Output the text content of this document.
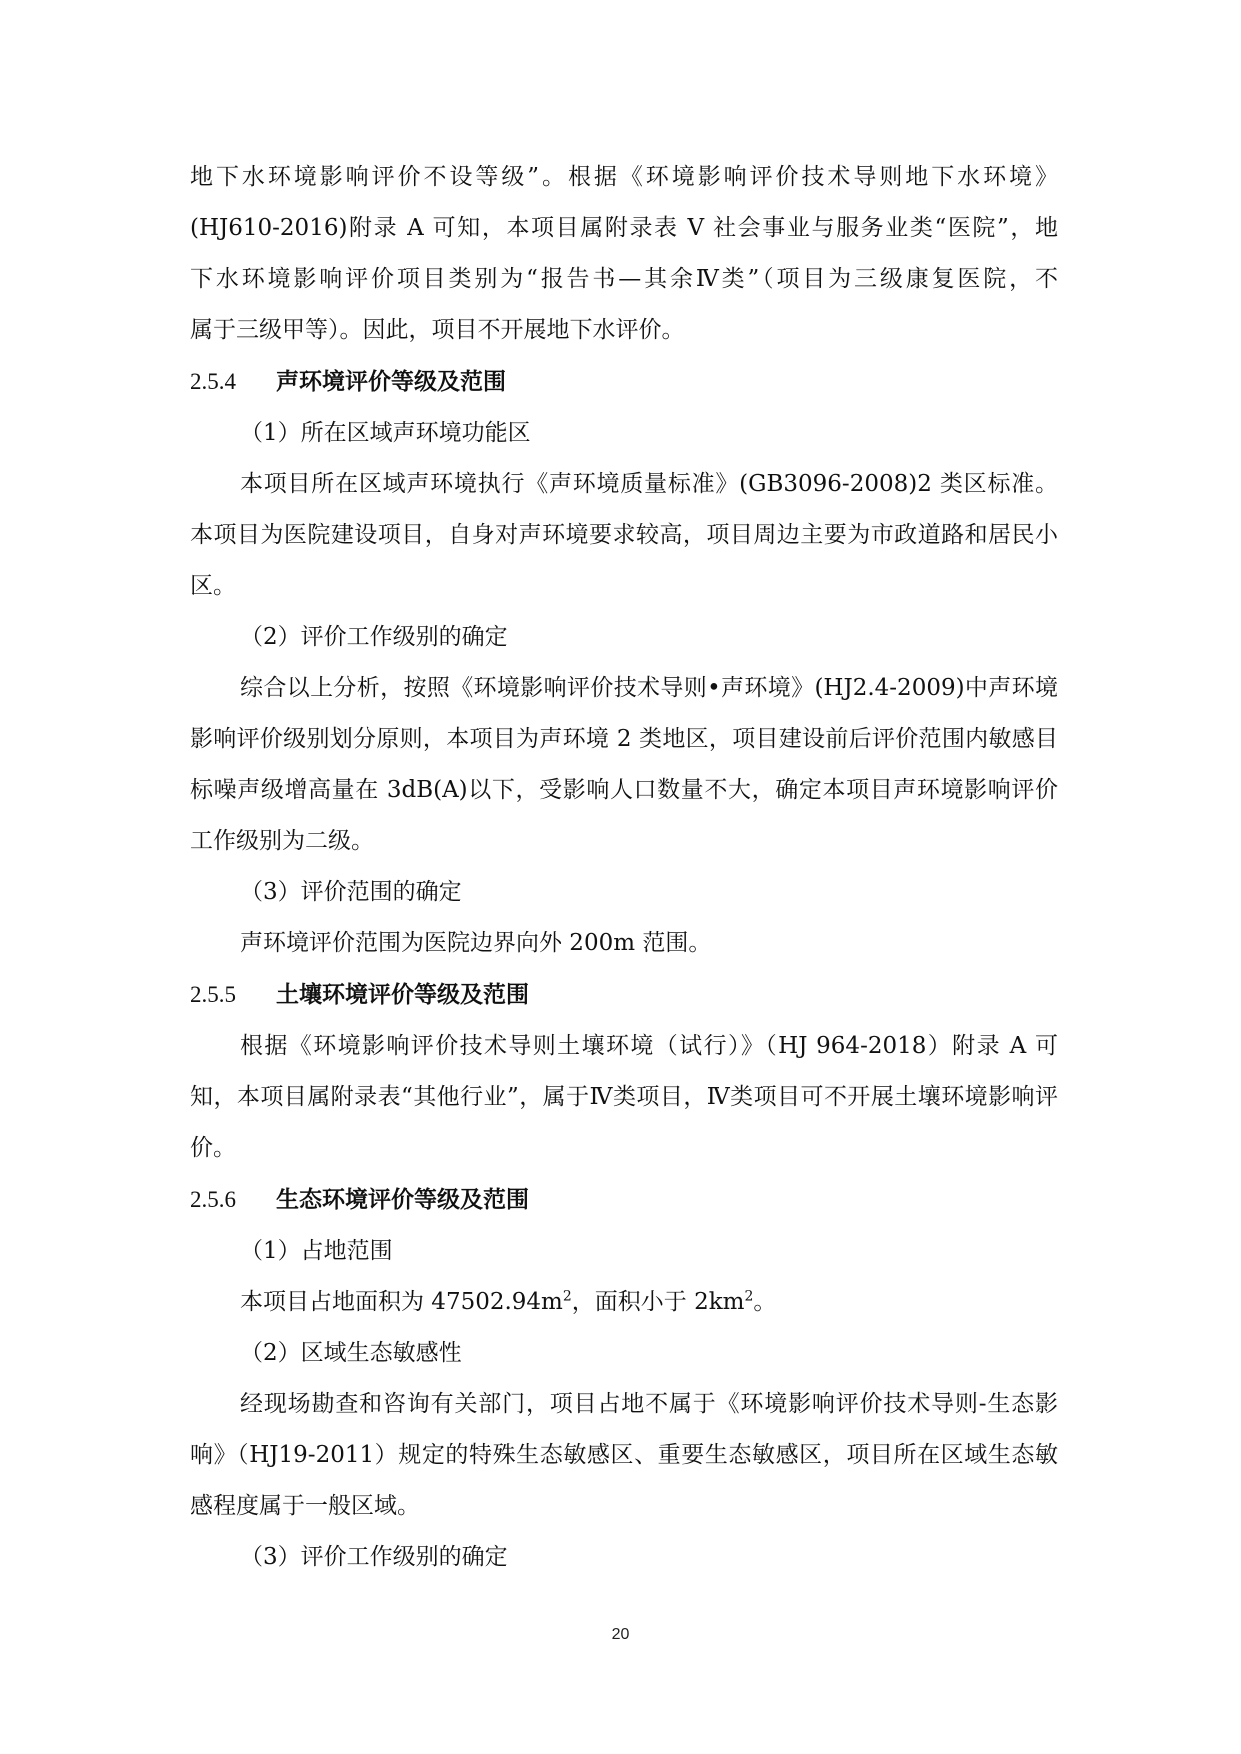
地下水环境影响评价不设等级”。根据《环境影响评价技术导则地下水环境》

(HJ610-2016)附录 A 可知，本项目属附录表 V 社会事业与服务业类“医院”，地

下水环境影响评价项目类别为“报告书—其余Ⅳ类”（项目为三级康复医院，不

属于三级甲等）。因此，项目不开展地下水评价。

2.5.4	声环境评价等级及范围

（1）所在区域声环境功能区

本项目所在区域声环境执行《声环境质量标准》(GB3096-2008)2 类区标准。本项目为医院建设项目，自身对声环境要求较高，项目周边主要为市政道路和居民小区。

（2）评价工作级别的确定

综合以上分析，按照《环境影响评价技术导则•声环境》(HJ2.4-2009)中声环境影响评价级别划分原则，本项目为声环境 2 类地区，项目建设前后评价范围内敏感目标噪声级增高量在 3dB(A)以下，受影响人口数量不大，确定本项目声环境影响评价工作级别为二级。

（3）评价范围的确定

声环境评价范围为医院边界向外 200m 范围。

2.5.5	土壤环境评价等级及范围

根据《环境影响评价技术导则土壤环境（试行）》（HJ 964-2018）附录 A 可知，本项目属附录表“其他行业”，属于Ⅳ类项目，Ⅳ类项目可不开展土壤环境影响评价。

2.5.6	生态环境评价等级及范围

（1）占地范围

本项目占地面积为 $47502.94m^2$，面积小于 $2km^2$。

（2）区域生态敏感性

经现场勘查和咨询有关部门，项目占地不属于《环境影响评价技术导则-生态影响》（HJ19-2011）规定的特殊生态敏感区、重要生态敏感区，项目所在区域生态敏感程度属于一般区域。

（3）评价工作级别的确定

20
